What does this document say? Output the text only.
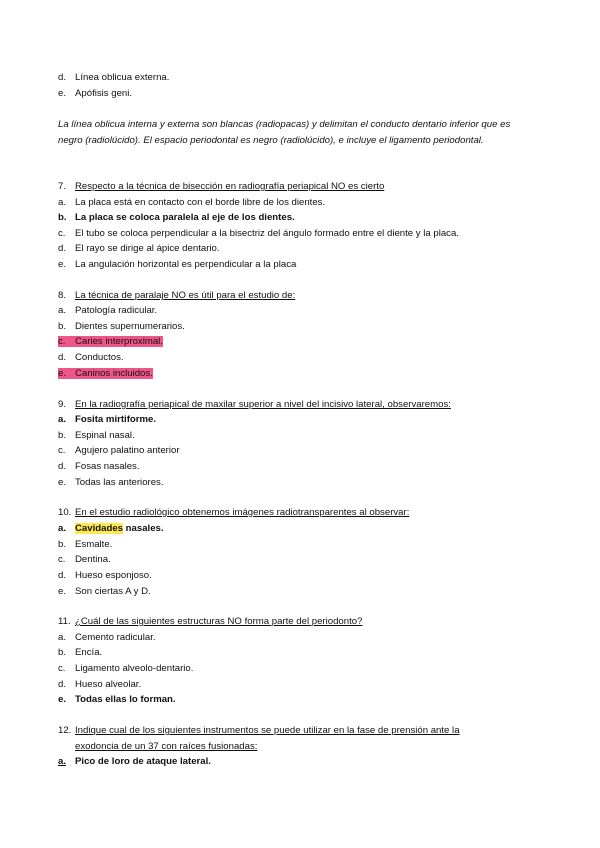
d. Línea oblicua externa.
e. Apófisis geni.
La línea oblicua interna y externa son blancas (radiopacas) y delimitan el conducto dentario inferior que es negro (radiolúcido). El espacio periodontal es negro (radiolúcido), e incluye el ligamento periodontal.
7. Respecto a la técnica de bisección en radiografía periapical NO es cierto
a. La placa está en contacto con el borde libre de los dientes.
b. La placa se coloca paralela al eje de los dientes.
c. El tubo se coloca perpendicular a la bisectriz del ángulo formado entre el diente y la placa.
d. El rayo se dirige al ápice dentario.
e. La angulación horizontal es perpendicular a la placa
8. La técnica de paralaje NO es útil para el estudio de:
a. Patología radicular.
b. Dientes supernumerarios.
c. Caries interproximal.
d. Conductos.
e. Caninos incluidos.
9. En la radiografía periapical de maxilar superior a nivel del incisivo lateral, observaremos:
a. Fosita mirtiforme.
b. Espinal nasal.
c. Agujero palatino anterior
d. Fosas nasales.
e. Todas las anteriores.
10. En el estudio radiológico obtenemos imágenes radiotransparentes al observar:
a. Cavidades nasales.
b. Esmalte.
c. Dentina.
d. Hueso esponjoso.
e. Son ciertas A y D.
11. ¿Cuál de las siguientes estructuras NO forma parte del periodonto?
a. Cemento radicular.
b. Encía.
c. Ligamento alveolo-dentario.
d. Hueso alveolar.
e. Todas ellas lo forman.
12. Indique cual de los siguientes instrumentos se puede utilizar en la fase de prensión ante la
exodoncia de un 37 con raíces fusionadas:
a. Pico de loro de ataque lateral.
